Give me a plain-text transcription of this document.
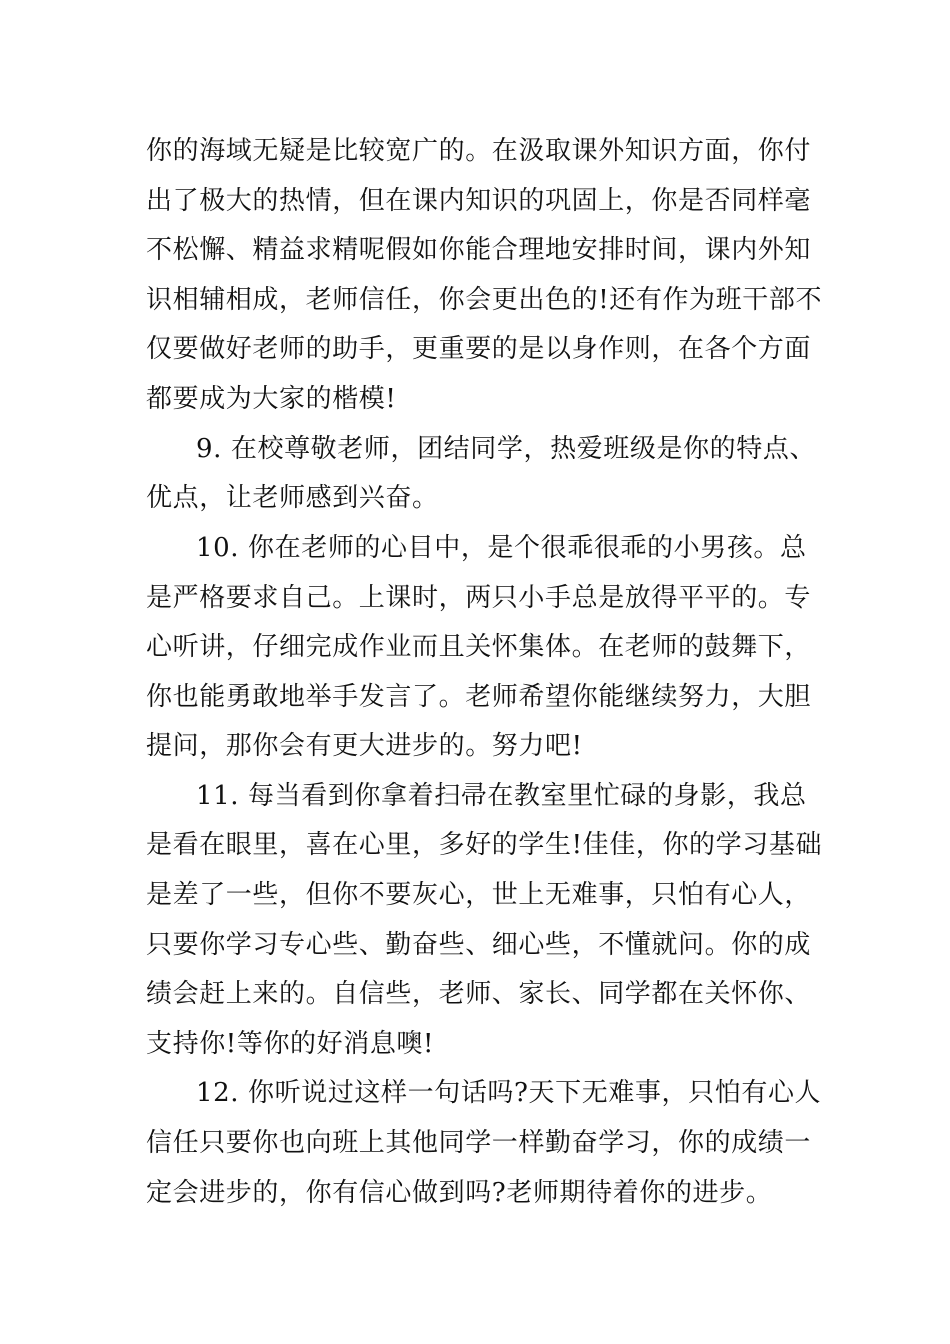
你的海域无疑是比较宽广的。在汲取课外知识方面，你付
出了极大的热情，但在课内知识的巩固上，你是否同样毫
不松懈、精益求精呢假如你能合理地安排时间，课内外知
识相辅相成，老师信任，你会更出色的!还有作为班干部不
仅要做好老师的助手，更重要的是以身作则，在各个方面
都要成为大家的楷模!
9. 在校尊敬老师，团结同学，热爱班级是你的特点、
优点，让老师感到兴奋。
10. 你在老师的心目中，是个很乖很乖的小男孩。总
是严格要求自己。上课时，两只小手总是放得平平的。专
心听讲，仔细完成作业而且关怀集体。在老师的鼓舞下，
你也能勇敢地举手发言了。老师希望你能继续努力，大胆
提问，那你会有更大进步的。努力吧!
11. 每当看到你拿着扫帚在教室里忙碌的身影，我总
是看在眼里，喜在心里，多好的学生!佳佳，你的学习基础
是差了一些，但你不要灰心，世上无难事，只怕有心人，
只要你学习专心些、勤奋些、细心些，不懂就问。你的成
绩会赶上来的。自信些，老师、家长、同学都在关怀你、
支持你!等你的好消息噢!
12. 你听说过这样一句话吗?天下无难事，只怕有心人
信任只要你也向班上其他同学一样勤奋学习，你的成绩一
定会进步的，你有信心做到吗?老师期待着你的进步。
